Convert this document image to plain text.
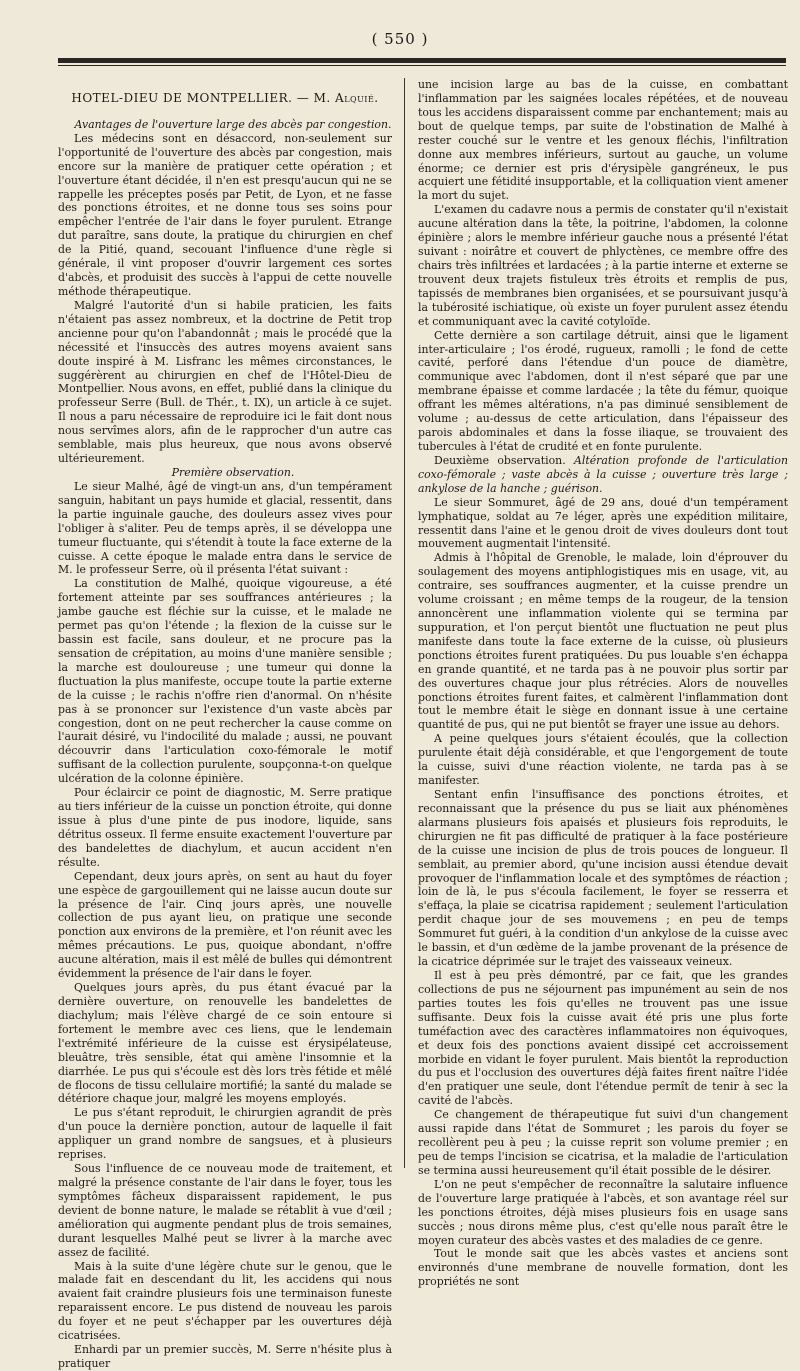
( 550 )
HOTEL-DIEU DE MONTPELLIER. — M. Alquié.

Avantages de l'ouverture large des abcès par congestion.

Les médecins sont en désaccord, non-seulement sur l'opportunité de l'ouverture des abcès par congestion, mais encore sur la manière de pratiquer cette opération ; et l'ouverture étant décidée, il n'en est presqu'aucun qui ne se rappelle les préceptes posés par Petit, de Lyon, et ne fasse des ponctions étroites, et ne donne tous ses soins pour empêcher l'entrée de l'air dans le foyer purulent. Etrange dut paraître, sans doute, la pratique du chirurgien en chef de la Pitié, quand, secouant l'influence d'une règle si générale, il vint proposer d'ouvrir largement ces sortes d'abcès, et produisit des succès à l'appui de cette nouvelle méthode thérapeutique.

Malgré l'autorité d'un si habile praticien, les faits n'étaient pas assez nombreux, et la doctrine de Petit trop ancienne pour qu'on l'abandonnât ; mais le procédé que la nécessité et l'insuccès des autres moyens avaient sans doute inspiré à M. Lisfranc les mêmes circonstances, le suggérèrent au chirurgien en chef de l'Hôtel-Dieu de Montpellier. Nous avons, en effet, publié dans la clinique du professeur Serre (Bull. de Thér., t. IX), un article à ce sujet. Il nous a paru nécessaire de reproduire ici le fait dont nous nous servîmes alors, afin de le rapprocher d'un autre cas semblable, mais plus heureux, que nous avons observé ultérieurement.

Première observation.

Le sieur Malhé, âgé de vingt-un ans, d'un tempérament sanguin, habitant un pays humide et glacial, ressentit, dans la partie inguinale gauche, des douleurs assez vives pour l'obliger à s'aliter. Peu de temps après, il se développa une tumeur fluctuante, qui s'étendit à toute la face externe de la cuisse. A cette époque le malade entra dans le service de M. le professeur Serre, où il présenta l'état suivant :

La constitution de Malhé, quoique vigoureuse, a été fortement atteinte par ses souffrances antérieures ; la jambe gauche est fléchie sur la cuisse, et le malade ne permet pas qu'on l'étende ; la flexion de la cuisse sur le bassin est facile, sans douleur, et ne procure pas la sensation de crépitation, au moins d'une manière sensible ; la marche est douloureuse ; une tumeur qui donne la fluctuation la plus manifeste, occupe toute la partie externe de la cuisse ; le rachis n'offre rien d'anormal. On n'hésite pas à se prononcer sur l'existence d'un vaste abcès par congestion, dont on ne peut rechercher la cause comme on l'aurait désiré, vu l'indocilité du malade ; aussi, ne pouvant découvrir dans l'articulation coxo-fémorale le motif suffisant de la collection purulente, soupçonna-t-on quelque ulcération de la colonne épinière.

Pour éclaircir ce point de diagnostic, M. Serre pratique au tiers inférieur de la cuisse un ponction étroite, qui donne issue à plus d'une pinte de pus inodore, liquide, sans détritus osseux. Il ferme ensuite exactement l'ouverture par des bandelettes de diachylum, et aucun accident n'en résulte.

Cependant, deux jours après, on sent au haut du foyer une espèce de gargouillement qui ne laisse aucun doute sur la présence de l'air. Cinq jours après, une nouvelle collection de pus ayant lieu, on pratique une seconde ponction aux environs de la première, et l'on réunit avec les mêmes précautions. Le pus, quoique abondant, n'offre aucune altération, mais il est mêlé de bulles qui démontrent évidemment la présence de l'air dans le foyer.

Quelques jours après, du pus étant évacué par la dernière ouverture, on renouvelle les bandelettes de diachylum; mais l'élève chargé de ce soin entoure si fortement le membre avec ces liens, que le lendemain l'extrémité inférieure de la cuisse est érysipélateuse, bleuâtre, très sensible, état qui amène l'insomnie et la diarrhée. Le pus qui s'écoule est dès lors très fétide et mêlé de flocons de tissu cellulaire mortifié; la santé du malade se détériore chaque jour, malgré les moyens employés.

Le pus s'étant reproduit, le chirurgien agrandit de près d'un pouce la dernière ponction, autour de laquelle il fait appliquer un grand nombre de sangsues, et à plusieurs reprises.

Sous l'influence de ce nouveau mode de traitement, et malgré la présence constante de l'air dans le foyer, tous les symptômes fâcheux disparaissent rapidement, le pus devient de bonne nature, le malade se rétablit à vue d'œil ; amélioration qui augmente pendant plus de trois semaines, durant lesquelles Malhé peut se livrer à la marche avec assez de facilité.

Mais à la suite d'une légère chute sur le genou, que le malade fait en descendant du lit, les accidens qui nous avaient fait craindre plusieurs fois une terminaison funeste reparaissent encore. Le pus distend de nouveau les parois du foyer et ne peut s'échapper par les ouvertures déjà cicatrisées.

Enhardi par un premier succès, M. Serre n'hésite plus à pratiquer

une incision large au bas de la cuisse, en combattant l'inflammation par les saignées locales répétées, et de nouveau tous les accidens disparaissent comme par enchantement; mais au bout de quelque temps, par suite de l'obstination de Malhé à rester couché sur le ventre et les genoux fléchis, l'infiltration donne aux membres inférieurs, surtout au gauche, un volume énorme; ce dernier est pris d'érysipèle gangréneux, le pus acquiert une fétidité insupportable, et la colliquation vient amener la mort du sujet.

L'examen du cadavre nous a permis de constater qu'il n'existait aucune altération dans la tête, la poitrine, l'abdomen, la colonne épinière ; alors le membre inférieur gauche nous a présenté l'état suivant : noirâtre et couvert de phlyctènes, ce membre offre des chairs très infiltrées et lardacées ; à la partie interne et externe se trouvent deux trajets fistuleux très étroits et remplis de pus, tapissés de membranes bien organisées, et se poursuivant jusqu'à la tubérosité ischiatique, où existe un foyer purulent assez étendu et communiquant avec la cavité cotyloïde.

Cette dernière a son cartilage détruit, ainsi que le ligament inter-articulaire ; l'os érodé, rugueux, ramolli ; le fond de cette cavité, perforé dans l'étendue d'un pouce de diamètre, communique avec l'abdomen, dont il n'est séparé que par une membrane épaisse et comme lardacée ; la tête du fémur, quoique offrant les mêmes altérations, n'a pas diminué sensiblement de volume ; au-dessus de cette articulation, dans l'épaisseur des parois abdominales et dans la fosse iliaque, se trouvaient des tubercules à l'état de crudité et en fonte purulente.

Deuxième observation. Altération profonde de l'articulation coxo-fémorale ; vaste abcès à la cuisse ; ouverture très large ; ankylose de la hanche ; guérison.

Le sieur Sommuret, âgé de 29 ans, doué d'un tempérament lymphatique, soldat au 7e léger, après une expédition militaire, ressentit dans l'aine et le genou droit de vives douleurs dont tout mouvement augmentait l'intensité.

Admis à l'hôpital de Grenoble, le malade, loin d'éprouver du soulagement des moyens antiphlogistiques mis en usage, vit, au contraire, ses souffrances augmenter, et la cuisse prendre un volume croissant ; en même temps de la rougeur, de la tension annoncèrent une inflammation violente qui se termina par suppuration, et l'on perçut bientôt une fluctuation ne peut plus manifeste dans toute la face externe de la cuisse, où plusieurs ponctions étroites furent pratiquées. Du pus louable s'en échappa en grande quantité, et ne tarda pas à ne pouvoir plus sortir par des ouvertures chaque jour plus rétrécies. Alors de nouvelles ponctions étroites furent faites, et calmèrent l'inflammation dont tout le membre était le siège en donnant issue à une certaine quantité de pus, qui ne put bientôt se frayer une issue au dehors.

A peine quelques jours s'étaient écoulés, que la collection purulente était déjà considérable, et que l'engorgement de toute la cuisse, suivi d'une réaction violente, ne tarda pas à se manifester.

Sentant enfin l'insuffisance des ponctions étroites, et reconnaissant que la présence du pus se liait aux phénomènes alarmans plusieurs fois apaisés et plusieurs fois reproduits, le chirurgien ne fit pas difficulté de pratiquer à la face postérieure de la cuisse une incision de plus de trois pouces de longueur. Il semblait, au premier abord, qu'une incision aussi étendue devait provoquer de l'inflammation locale et des symptômes de réaction ; loin de là, le pus s'écoula facilement, le foyer se resserra et s'effaça, la plaie se cicatrisa rapidement ; seulement l'articulation perdit chaque jour de ses mouvemens ; en peu de temps Sommuret fut guéri, à la condition d'un ankylose de la cuisse avec le bassin, et d'un œdème de la jambe provenant de la présence de la cicatrice déprimée sur le trajet des vaisseaux veineux.

Il est à peu près démontré, par ce fait, que les grandes collections de pus ne séjournent pas impunément au sein de nos parties toutes les fois qu'elles ne trouvent pas une issue suffisante. Deux fois la cuisse avait été pris une plus forte tuméfaction avec des caractères inflammatoires non équivoques, et deux fois des ponctions avaient dissipé cet accroissement morbide en vidant le foyer purulent. Mais bientôt la reproduction du pus et l'occlusion des ouvertures déjà faites firent naître l'idée d'en pratiquer une seule, dont l'étendue permît de tenir à sec la cavité de l'abcès.

Ce changement de thérapeutique fut suivi d'un changement aussi rapide dans l'état de Sommuret ; les parois du foyer se recollèrent peu à peu ; la cuisse reprit son volume premier ; en peu de temps l'incision se cicatrisa, et la maladie de l'articulation se termina aussi heureusement qu'il était possible de le désirer.

L'on ne peut s'empêcher de reconnaître la salutaire influence de l'ouverture large pratiquée à l'abcès, et son avantage réel sur les ponctions étroites, déjà mises plusieurs fois en usage sans succès ; nous dirons même plus, c'est qu'elle nous paraît être le moyen curateur des abcès vastes et des maladies de ce genre.

Tout le monde sait que les abcès vastes et anciens sont environnés d'une membrane de nouvelle formation, dont les propriétés ne sont
